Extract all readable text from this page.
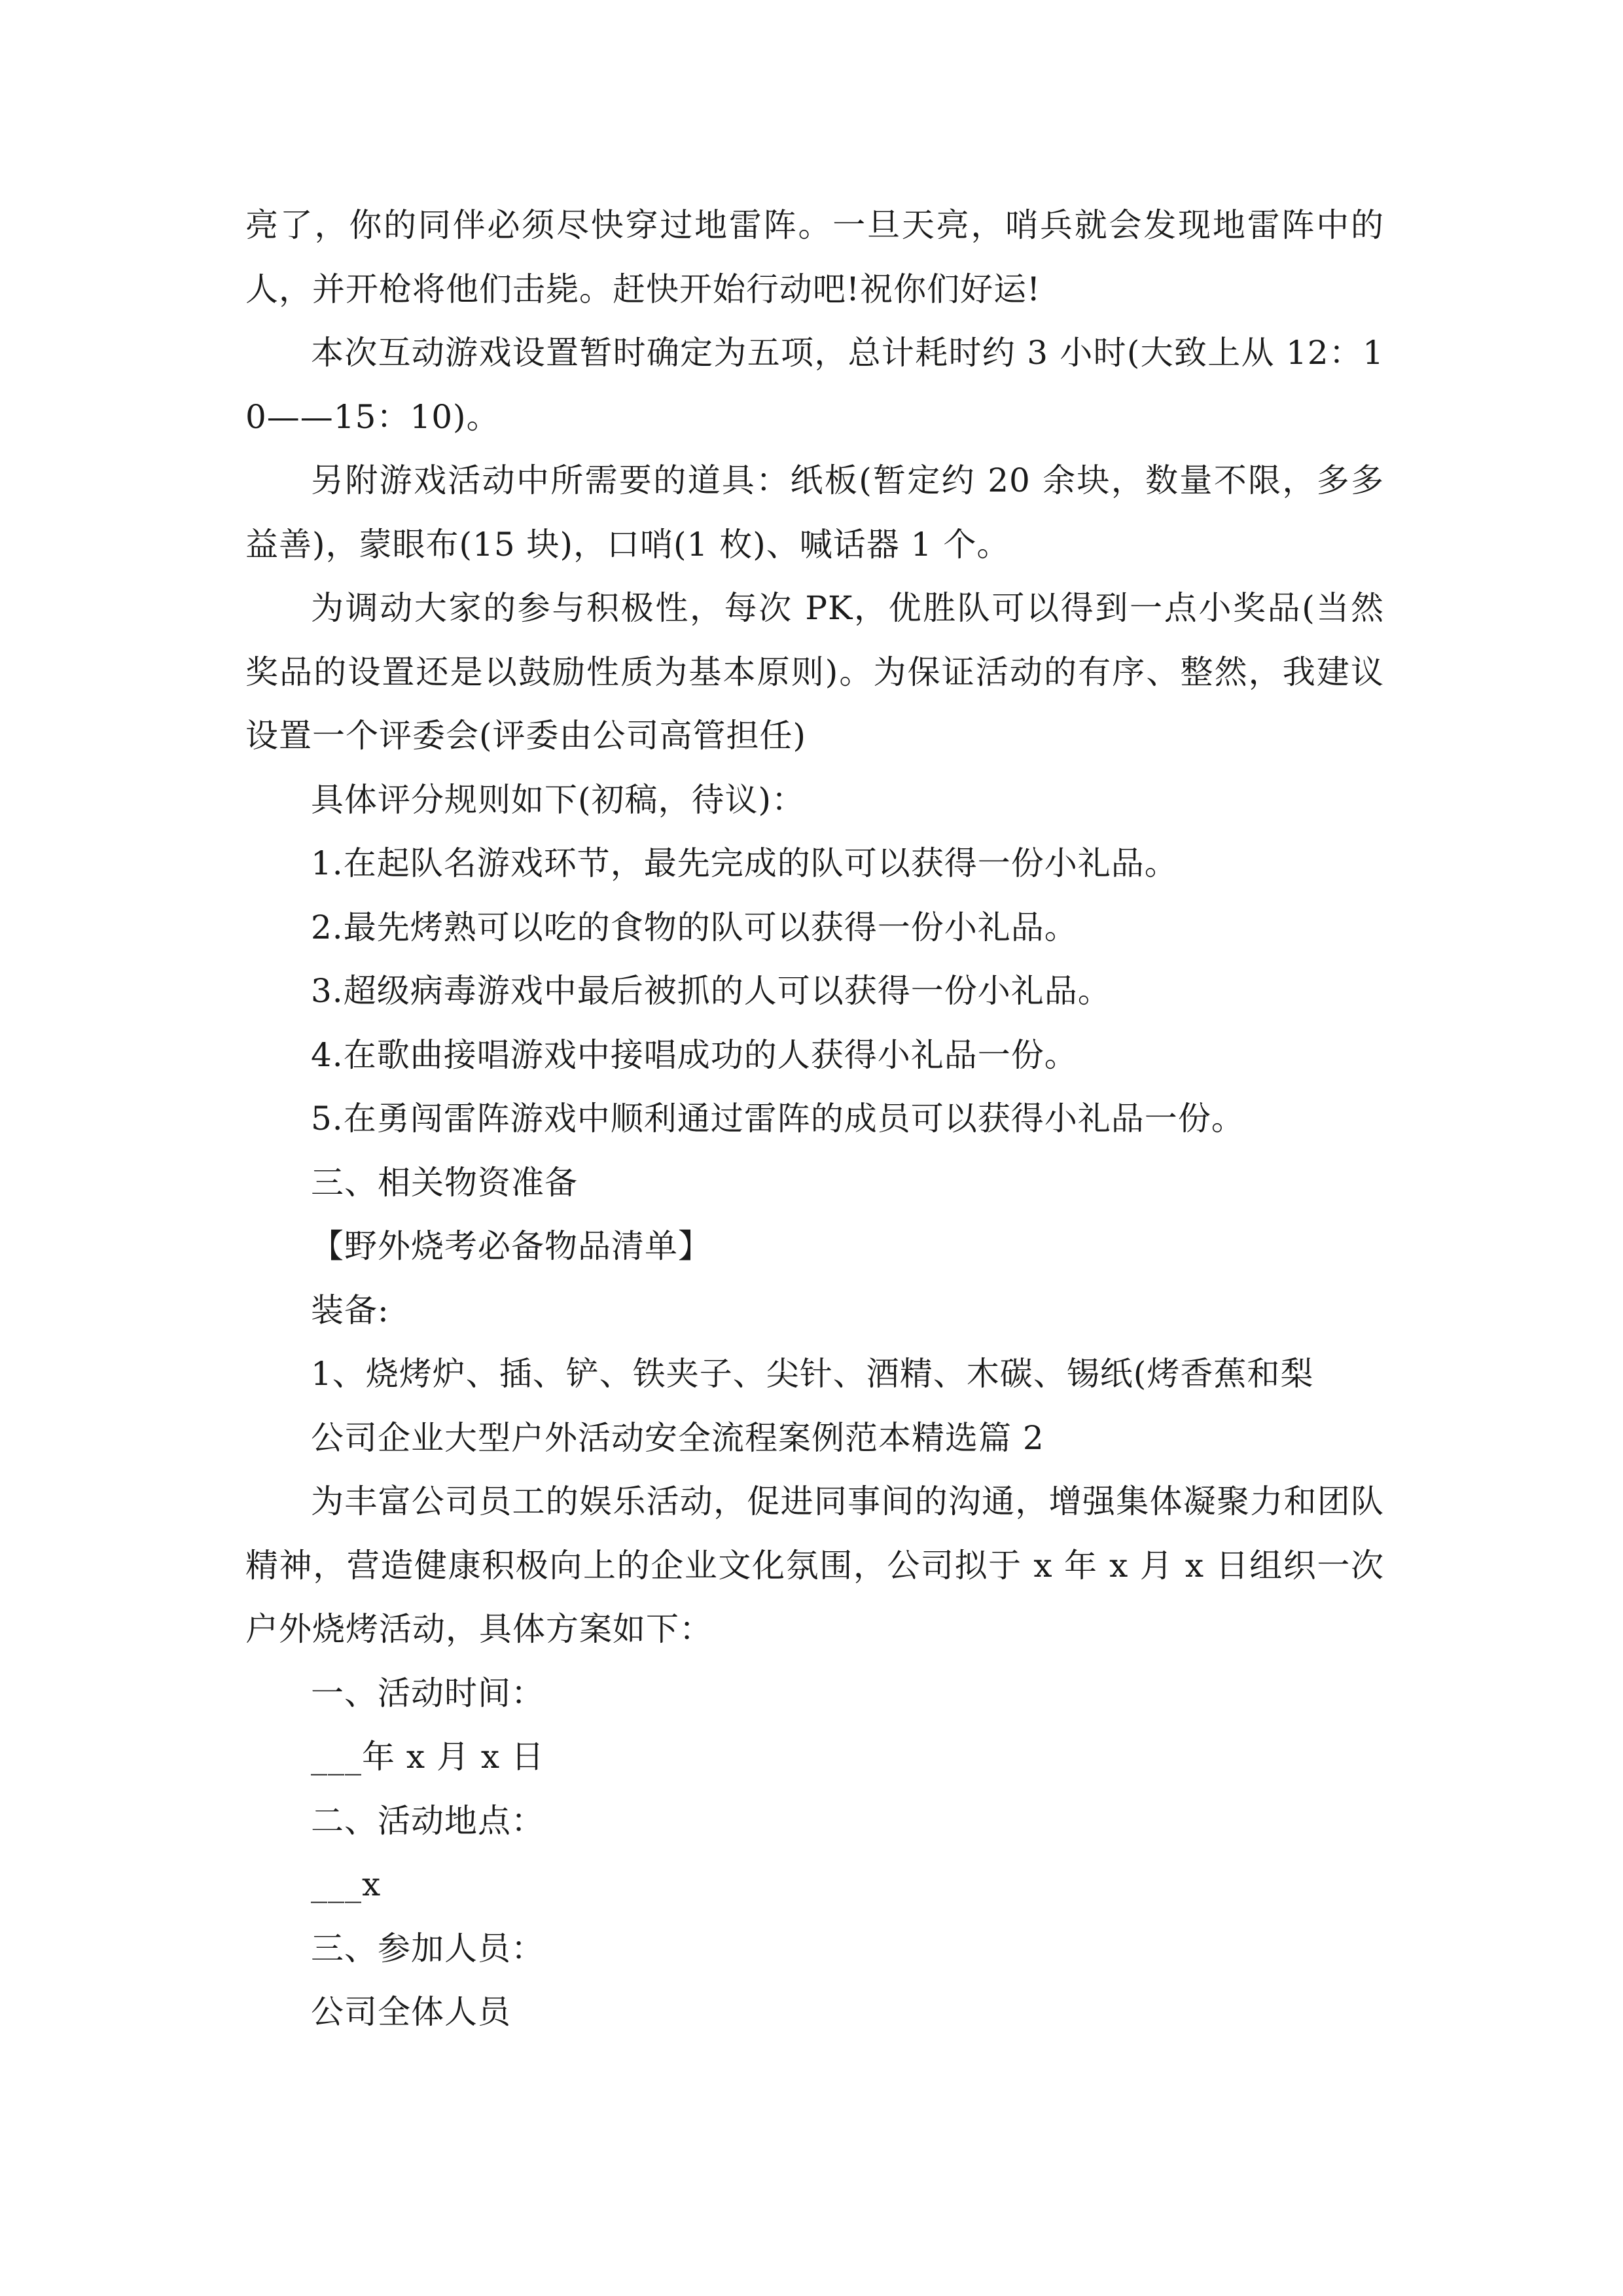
亮了，你的同伴必须尽快穿过地雷阵。一旦天亮，哨兵就会发现地雷阵中的人，并开枪将他们击毙。赶快开始行动吧!祝你们好运!

本次互动游戏设置暂时确定为五项，总计耗时约 3 小时(大致上从 12：10——15：10)。

另附游戏活动中所需要的道具：纸板(暂定约 20 余块，数量不限，多多益善)，蒙眼布(15 块)，口哨(1 枚)、喊话器 1 个。

为调动大家的参与积极性，每次 PK，优胜队可以得到一点小奖品(当然奖品的设置还是以鼓励性质为基本原则)。为保证活动的有序、整然，我建议设置一个评委会(评委由公司高管担任)

具体评分规则如下(初稿，待议)：

1.在起队名游戏环节，最先完成的队可以获得一份小礼品。

2.最先烤熟可以吃的食物的队可以获得一份小礼品。

3.超级病毒游戏中最后被抓的人可以获得一份小礼品。

4.在歌曲接唱游戏中接唱成功的人获得小礼品一份。

5.在勇闯雷阵游戏中顺利通过雷阵的成员可以获得小礼品一份。

三、相关物资准备

【野外烧考必备物品清单】

装备:

1、烧烤炉、插、铲、铁夹子、尖针、酒精、木碳、锡纸(烤香蕉和梨

公司企业大型户外活动安全流程案例范本精选篇 2

为丰富公司员工的娱乐活动，促进同事间的沟通，增强集体凝聚力和团队精神，营造健康积极向上的企业文化氛围，公司拟于 x 年 x 月 x 日组织一次户外烧烤活动，具体方案如下：

一、活动时间：

___年 x 月 x 日

二、活动地点：

___x

三、参加人员：

公司全体人员
